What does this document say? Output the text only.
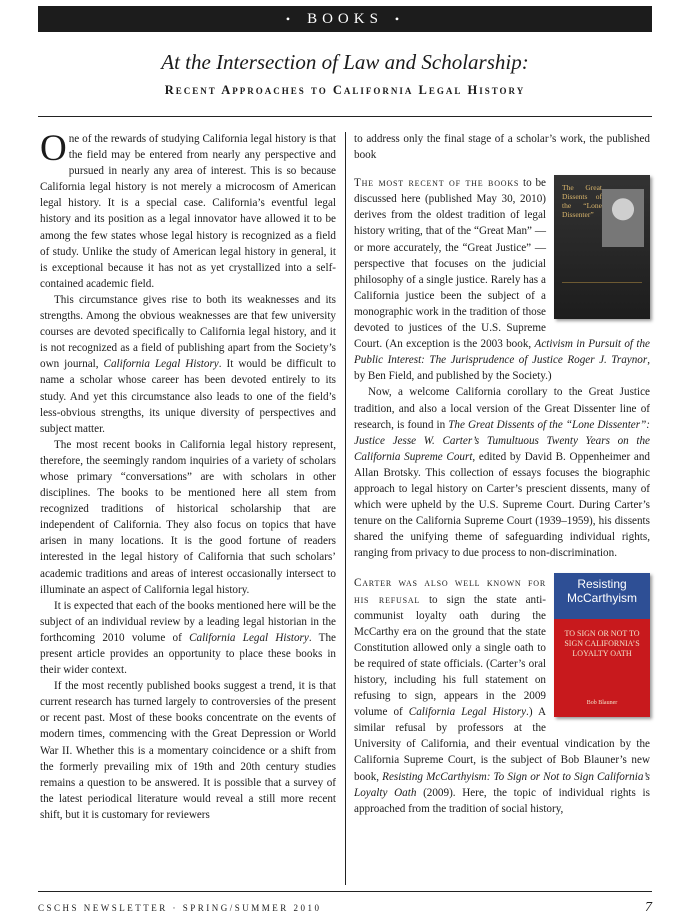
• BOOKS •
At the Intersection of Law and Scholarship:
Recent Approaches to California Legal History

One of the rewards of studying California legal history is that the field may be entered from nearly any perspective and pursued in nearly any area of interest. This is so because California legal history is not merely a microcosm of American legal history. It is a special case. California’s eventful legal history and its position as a legal innovator have allowed it to be among the few states whose legal history is recognized as a field of study. Unlike the study of American legal history in general, it is exceptional because it has not as yet crystallized into a self-contained academic field.

This circumstance gives rise to both its weaknesses and its strengths. Among the obvious weaknesses are that few university courses are devoted specifically to California legal history, and it is not recognized as a field of publishing apart from the Society’s own journal, California Legal History. It would be difficult to name a scholar whose career has been devoted entirely to its study. And yet this circumstance also leads to one of the field’s less-obvious strengths, its unique diversity of perspectives and subject matter.

The most recent books in California legal history represent, therefore, the seemingly random inquiries of a variety of scholars whose primary “conversations” are with scholars in other disciplines. The books to be mentioned here all stem from recognized traditions of historical scholarship that are independent of California. They also focus on topics that have arisen in many locations. It is the good fortune of readers interested in the legal history of California that such scholars’ academic traditions and areas of interest occasionally intersect to illuminate an aspect of California legal history.

It is expected that each of the books mentioned here will be the subject of an individual review by a leading legal historian in the forthcoming 2010 volume of California Legal History. The present article provides an opportunity to place these books in their wider context.

If the most recently published books suggest a trend, it is that current research has turned largely to controversies of the present or recent past. Most of these books concentrate on the events of modern times, commencing with the Great Depression or World War II. Whether this is a momentary coincidence or a shift from the formerly prevailing mix of 19th and 20th century studies remains a question to be answered. It is possible that a survey of the latest periodical literature would reveal a still more recent shift, but it is customary for reviewers

to address only the final stage of a scholar’s work, the published book

The Great Dissents of the “Lone Dissenter”

The most recent of the books to be discussed here (published May 30, 2010) derives from the oldest tradition of legal history writing, that of the “Great Man” — or more accurately, the “Great Justice” — perspective that focuses on the judicial philosophy of a single justice. Rarely has a California justice been the subject of a monographic work in the tradition of those devoted to justices of the U.S. Supreme Court. (An exception is the 2003 book, Activism in Pursuit of the Public Interest: The Jurisprudence of Justice Roger J. Traynor, by Ben Field, and published by the Society.)

Now, a welcome California corollary to the Great Justice tradition, and also a local version of the Great Dissenter line of research, is found in The Great Dissents of the “Lone Dissenter”: Justice Jesse W. Carter’s Tumultuous Twenty Years on the California Supreme Court, edited by David B. Oppenheimer and Allan Brotsky. This collection of essays focuses the biographic approach to legal history on Carter’s prescient dissents, many of which were upheld by the U.S. Supreme Court. During Carter’s tenure on the California Supreme Court (1939–1959), his dissents shared the unifying theme of safeguarding individual rights, ranging from privacy to due process to non-discrimination.

Resisting McCarthyism
TO SIGN OR NOT TO SIGN CALIFORNIA’S LOYALTY OATH
Bob Blauner

Carter was also well known for his refusal to sign the state anti-communist loyalty oath during the McCarthy era on the ground that the state Constitution allowed only a single oath to be required of state officials. (Carter’s oral history, including his full statement on refusing to sign, appears in the 2009 volume of California Legal History.) A similar refusal by professors at the University of California, and their eventual vindication by the California Supreme Court, is the subject of Bob Blauner’s new book, Resisting McCarthyism: To Sign or Not to Sign California’s Loyalty Oath (2009). Here, the topic of individual rights is approached from the tradition of social history,

CSCHS NEWSLETTER · SPRING/SUMMER 2010	7
